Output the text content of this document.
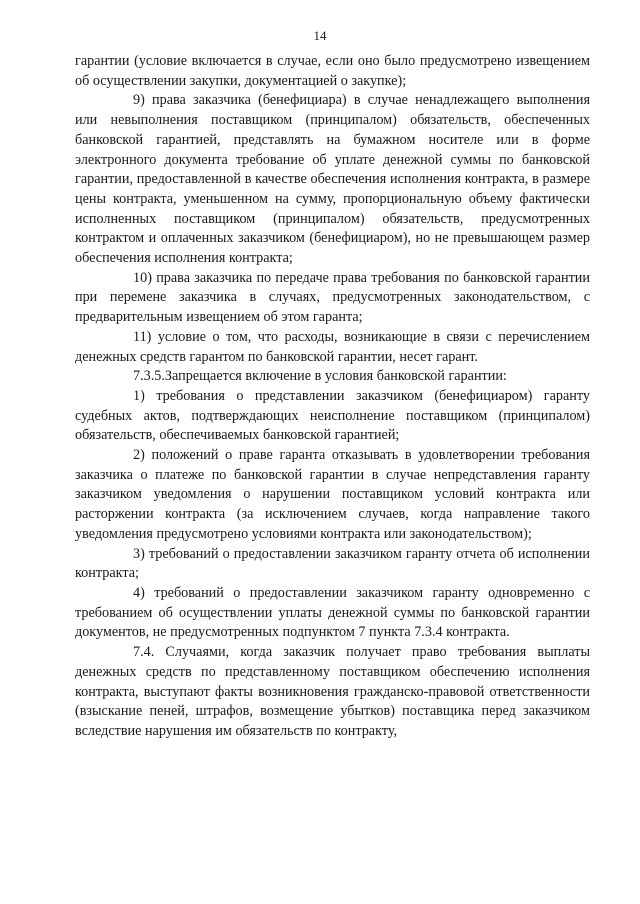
14

гарантии (условие включается в случае, если оно было предусмотрено извещением об осуществлении закупки, документацией о закупке);

9) права заказчика (бенефициара) в случае ненадлежащего выполнения или невыполнения поставщиком (принципалом) обязательств, обеспеченных банковской гарантией, представлять на бумажном носителе или в форме электронного документа требование об уплате денежной суммы по банковской гарантии, предоставленной в качестве обеспечения исполнения контракта, в размере цены контракта, уменьшенном на сумму, пропорциональную объему фактически исполненных поставщиком (принципалом) обязательств, предусмотренных контрактом и оплаченных заказчиком (бенефициаром), но не превышающем размер обеспечения исполнения контракта;

10) права заказчика по передаче права требования по банковской гарантии при перемене заказчика в случаях, предусмотренных законодательством, с предварительным извещением об этом гаранта;

11) условие о том, что расходы, возникающие в связи с перечислением денежных средств гарантом по банковской гарантии, несет гарант.

7.3.5.Запрещается включение в условия банковской гарантии:

1) требования о представлении заказчиком (бенефициаром) гаранту судебных актов, подтверждающих неисполнение поставщиком (принципалом) обязательств, обеспечиваемых банковской гарантией;

2) положений о праве гаранта отказывать в удовлетворении требования заказчика о платеже по банковской гарантии в случае непредставления гаранту заказчиком уведомления о нарушении поставщиком условий контракта или расторжении контракта (за исключением случаев, когда направление такого уведомления предусмотрено условиями контракта или законодательством);

3) требований о предоставлении заказчиком гаранту отчета об исполнении контракта;

4) требований о предоставлении заказчиком гаранту одновременно с требованием об осуществлении уплаты денежной суммы по банковской гарантии документов, не предусмотренных подпунктом 7 пункта 7.3.4 контракта.

7.4. Случаями, когда заказчик получает право требования выплаты денежных средств по представленному поставщиком обеспечению исполнения контракта, выступают факты возникновения гражданско-правовой ответственности (взыскание пеней, штрафов, возмещение убытков) поставщика перед заказчиком вследствие нарушения им обязательств по контракту,
